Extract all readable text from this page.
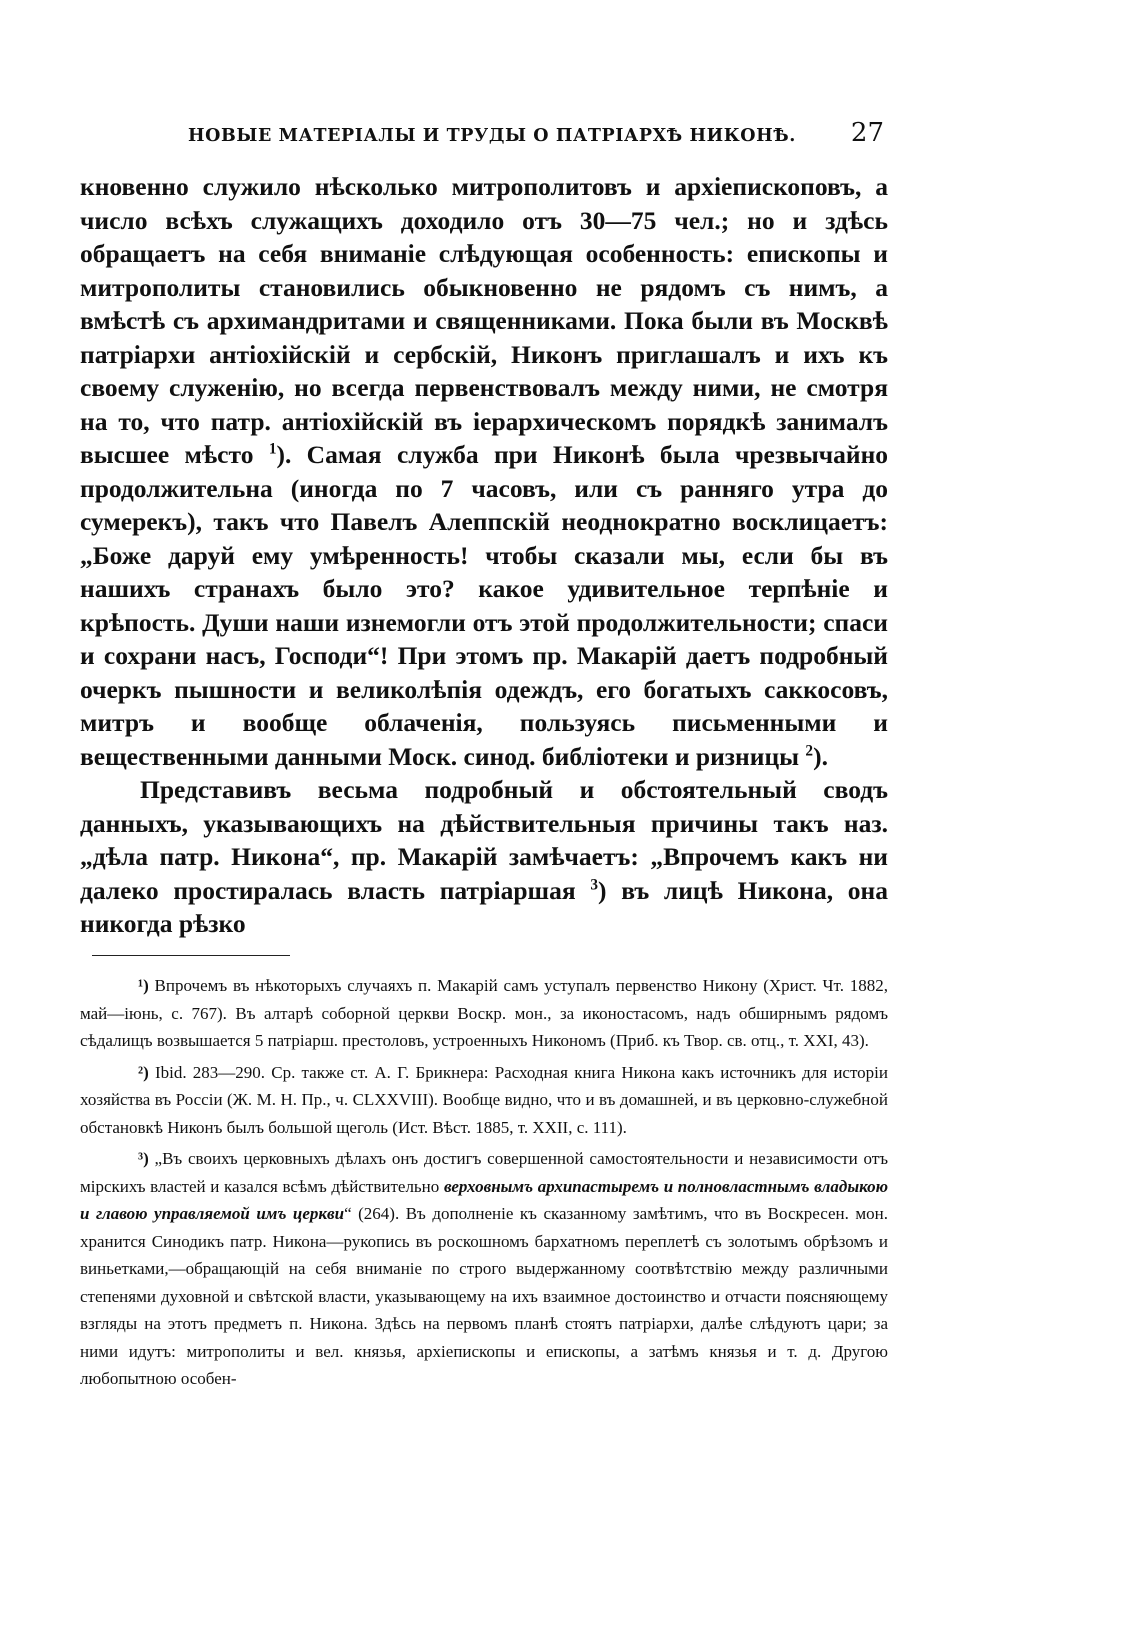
НОВЫЕ МАТЕРІАЛЫ И ТРУДЫ О ПАТРІАРХѢ НИКОНѢ. 27

кновенно служило нѣсколько митрополитовъ и архіепископовъ, а число всѣхъ служащихъ доходило отъ 30—75 чел.; но и здѣсь обращаетъ на себя вниманіе слѣдующая особенность: епископы и митрополиты становились обыкновенно не рядомъ съ нимъ, а вмѣстѣ съ архимандритами и священниками. Пока были въ Москвѣ патріархи антіохійскій и сербскій, Никонъ приглашалъ и ихъ къ своему служенію, но всегда первенствовалъ между ними, не смотря на то, что патр. антіохійскій въ іерархическомъ порядкѣ занималъ высшее мѣсто $^1$). Самая служба при Никонѣ была чрезвычайно продолжительна (иногда по 7 часовъ, или съ ранняго утра до сумерекъ), такъ что Павелъ Алеппскій неоднократно восклицаетъ: „Боже даруй ему умѣренность! чтобы сказали мы, если бы въ нашихъ странахъ было это? какое удивительное терпѣніе и крѣпость. Души наши изнемогли отъ этой продолжительности; спаси и сохрани насъ, Господи“! При этомъ пр. Макарій даетъ подробный очеркъ пышности и великолѣпія одеждъ, его богатыхъ саккосовъ, митръ и вообще облаченія, пользуясь письменными и вещественными данными Моск. синод. библіотеки и ризницы $^2$).

Представивъ весьма подробный и обстоятельный сводъ данныхъ, указывающихъ на дѣйствительныя причины такъ наз. „дѣла патр. Никона“, пр. Макарій замѣчаетъ: „Впрочемъ какъ ни далеко простиралась власть патріаршая $^3$) въ лицѣ Никона, она никогда рѣзко

¹) Впрочемъ въ нѣкоторыхъ случаяхъ п. Макарій самъ уступалъ первенство Никону (Христ. Чт. 1882, май—іюнь, с. 767). Въ алтарѣ соборной церкви Воскр. мон., за иконостасомъ, надъ обширнымъ рядомъ сѣдалищъ возвышается 5 патріарш. престоловъ, устроенныхъ Никономъ (Приб. къ Твор. св. отц., т. XXI, 43).

²) Ibid. 283—290. Ср. также ст. А. Г. Брикнера: Расходная книга Никона какъ источникъ для исторіи хозяйства въ Россіи (Ж. М. Н. Пр., ч. CLXXVIII). Вообще видно, что и въ домашней, и въ церковно-служебной обстановкѣ Никонъ былъ большой щеголь (Ист. Вѣст. 1885, т. XXII, с. 111).

³) „Въ своихъ церковныхъ дѣлахъ онъ достигъ совершенной самостоятельности и независимости отъ мірскихъ властей и казался всѣмъ дѣйствительно верховнымъ архипастыремъ и полновластнымъ владыкою и главою управляемой имъ церкви“ (264). Въ дополненіе къ сказанному замѣтимъ, что въ Воскресен. мон. хранится Синодикъ патр. Никона—рукопись въ роскошномъ бархатномъ переплетѣ съ золотымъ обрѣзомъ и виньетками,—обращающій на себя вниманіе по строго выдержанному соотвѣтствію между различными степенями духовной и свѣтской власти, указывающему на ихъ взаимное достоинство и отчасти поясняющему взгляды на этотъ предметъ п. Никона. Здѣсь на первомъ планѣ стоятъ патріархи, далѣе слѣдуютъ цари; за ними идутъ: митрополиты и вел. князья, архіепископы и епископы, а затѣмъ князья и т. д. Другою любопытною особен-
